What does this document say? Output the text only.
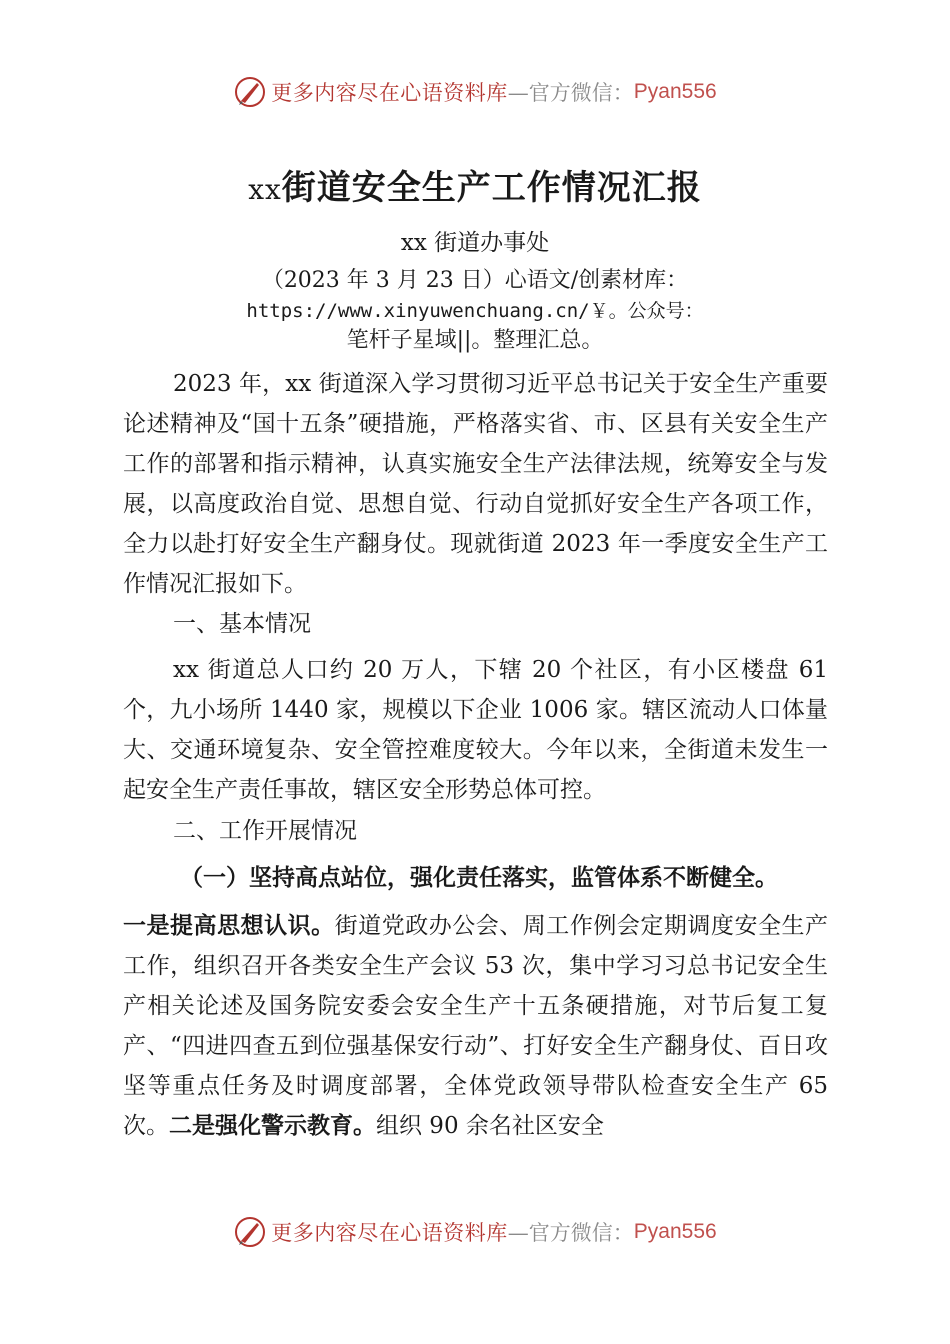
更多内容尽在心语资料库 —官方微信： Pyan556
xx街道安全生产工作情况汇报
xx 街道办事处
（2023 年 3 月 23 日）心语文/创素材库：
https://www.xinyuwenchuang.cn/￥。公众号：
笔杆子星域||。整理汇总。
2023 年，xx 街道深入学习贯彻习近平总书记关于安全生产重要论述精神及“国十五条”硬措施，严格落实省、市、区县有关安全生产工作的部署和指示精神，认真实施安全生产法律法规，统筹安全与发展，以高度政治自觉、思想自觉、行动自觉抓好安全生产各项工作，全力以赴打好安全生产翻身仗。现就街道 2023 年一季度安全生产工作情况汇报如下。
一、基本情况
xx 街道总人口约 20 万人，下辖 20 个社区，有小区楼盘 61 个，九小场所 1440 家，规模以下企业 1006 家。辖区流动人口体量大、交通环境复杂、安全管控难度较大。今年以来，全街道未发生一起安全生产责任事故，辖区安全形势总体可控。
二、工作开展情况
（一）坚持高点站位，强化责任落实，监管体系不断健全。
一是提高思想认识。街道党政办公会、周工作例会定期调度安全生产工作，组织召开各类安全生产会议 53 次，集中学习习总书记安全生产相关论述及国务院安委会安全生产十五条硬措施，对节后复工复产、“四进四查五到位强基保安行动”、打好安全生产翻身仗、百日攻坚等重点任务及时调度部署，全体党政领导带队检查安全生产 65 次。二是强化警示教育。组织 90 余名社区安全
更多内容尽在心语资料库 —官方微信： Pyan556
